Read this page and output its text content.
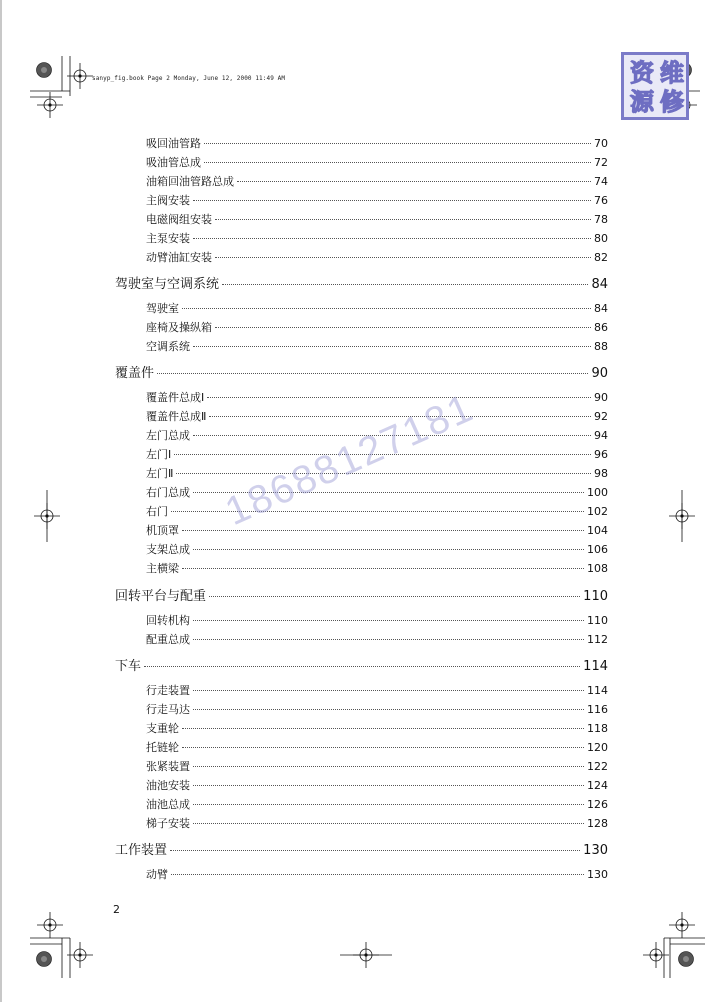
sanyp_fig.book Page 2 Monday, June 12, 2000 11:49 AM	资 维
源 修
吸回油管路	70
吸油管总成	72
油箱回油管路总成	74
主阀安装	76
电磁阀组安装	78
主泵安装	80
动臂油缸安装	82
驾驶室与空调系统	84
驾驶室	84
座椅及操纵箱	86
空调系统	88
覆盖件	90
覆盖件总成Ⅰ	90
覆盖件总成Ⅱ	92
左门总成	94
左门Ⅰ	96
左门Ⅱ	98
右门总成	100
右门	102
机顶罩	104
支架总成	106
主横梁	108
回转平台与配重	110
回转机构	110
配重总成	112
下车	114
行走装置	114
行走马达	116
支重轮	118
托链轮	120
张紧装置	122
油池安装	124
油池总成	126
梯子安装	128
工作装置	130
动臂	130
18688127181
2
